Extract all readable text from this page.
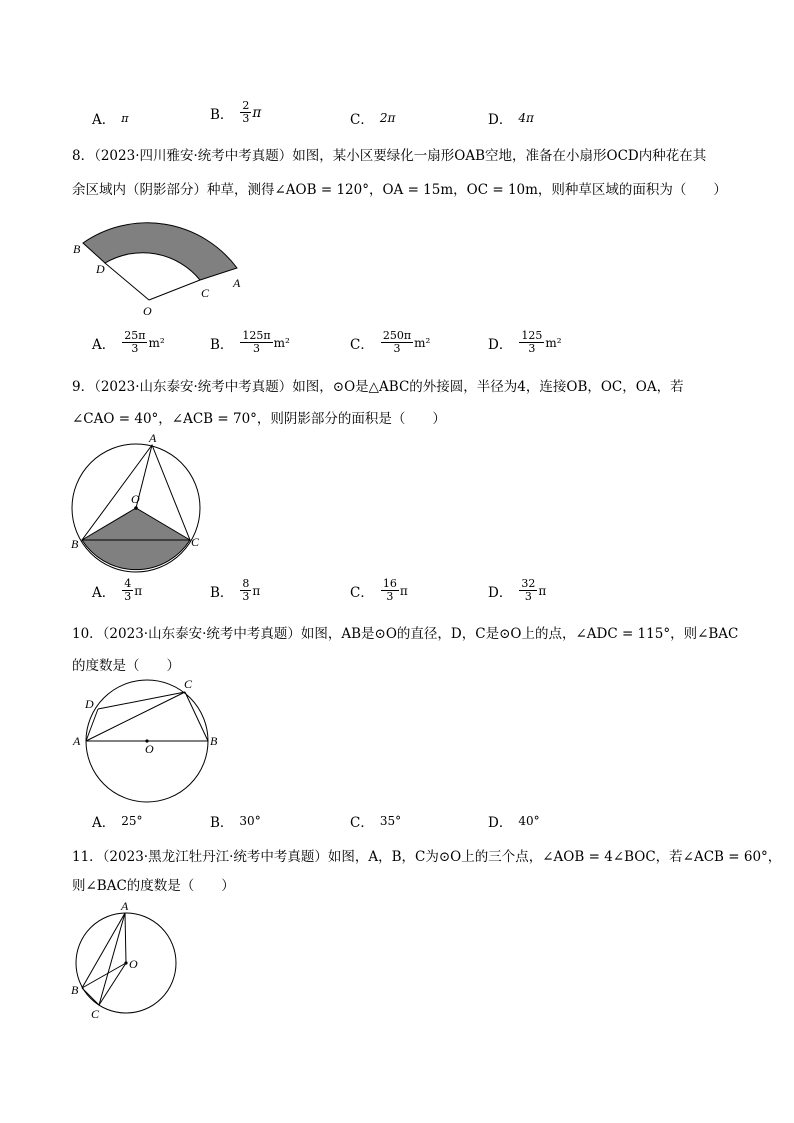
A． π	B． $\frac{2}{3}$ π	C． 2π	D． 4π
8．（2023·四川雅安·统考中考真题）如图，某小区要绿化一扇形OAB空地，准备在小扇形OCD内种花在其
余区域内（阴影部分）种草，测得∠AOB = 120°，OA = 15m，OC = 10m，则种草区域的面积为（　　）
B
D
O
C
A
A． $\frac{25\pi}{3} m^2$	B． $\frac{125\pi}{3} m^2$	C． $\frac{250\pi}{3} m^2$	D． $\frac{125}{3} m^2$
9．（2023·山东泰安·统考中考真题）如图，⊙O是△ABC的外接圆，半径为4，连接OB，OC，OA，若
∠CAO = 40°，∠ACB = 70°，则阴影部分的面积是（　　）
A
O
B	C
A． $\frac{4}{3}$ π	B． $\frac{8}{3}$ π	C． $\frac{16}{3}$ π	D． $\frac{32}{3}$ π
10．（2023·山东泰安·统考中考真题）如图，AB是⊙O的直径，D，C是⊙O上的点，∠ADC = 115°，则∠BAC
的度数是（　　）
D
C
A
O
B
A． 25°	B． 30°	C． 35°	D． 40°
11．（2023·黑龙江牡丹江·统考中考真题）如图，A，B，C为⊙O上的三个点，∠AOB = 4∠BOC，若∠ACB = 60°，
则∠BAC的度数是（　　）
A
O
B
C
